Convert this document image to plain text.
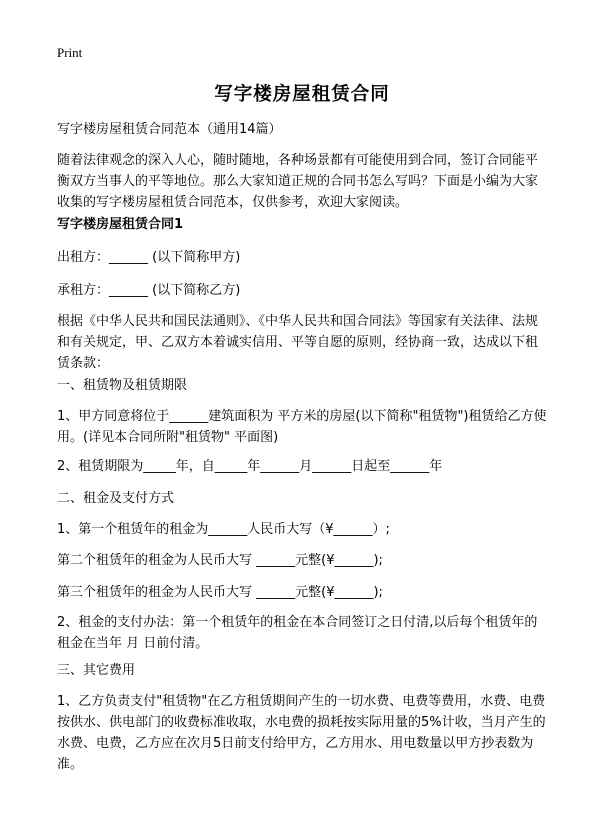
Print
写字楼房屋租赁合同

写字楼房屋租赁合同范本（通用14篇）

随着法律观念的深入人心，随时随地，各种场景都有可能使用到合同，签订合同能平衡双方当事人的平等地位。那么大家知道正规的合同书怎么写吗？下面是小编为大家收集的写字楼房屋租赁合同范本，仅供参考，欢迎大家阅读。

写字楼房屋租赁合同1

出租方：______ (以下简称甲方)

承租方：______ (以下简称乙方)

根据《中华人民共和国民法通则》、《中华人民共和国合同法》等国家有关法律、法规和有关规定，甲、乙双方本着诚实信用、平等自愿的原则，经协商一致，达成以下租赁条款：

一、租赁物及租赁期限

1、甲方同意将位于______建筑面积为 平方米的房屋(以下简称"租赁物")租赁给乙方使用。(详见本合同所附"租赁物" 平面图)

2、租赁期限为_____年，自_____年______月______日起至______年

二、租金及支付方式

1、第一个租赁年的租金为______人民币大写（¥______）;

第二个租赁年的租金为人民币大写 ______元整(¥______);

第三个租赁年的租金为人民币大写 ______元整(¥______);

2、租金的支付办法：第一个租赁年的租金在本合同签订之日付清,以后每个租赁年的租金在当年 月 日前付清。

三、其它费用

1、乙方负责支付"租赁物"在乙方租赁期间产生的一切水费、电费等费用，水费、电费按供水、供电部门的收费标准收取，水电费的损耗按实际用量的5%计收，当月产生的水费、电费，乙方应在次月5日前支付给甲方，乙方用水、用电数量以甲方抄表数为准。
